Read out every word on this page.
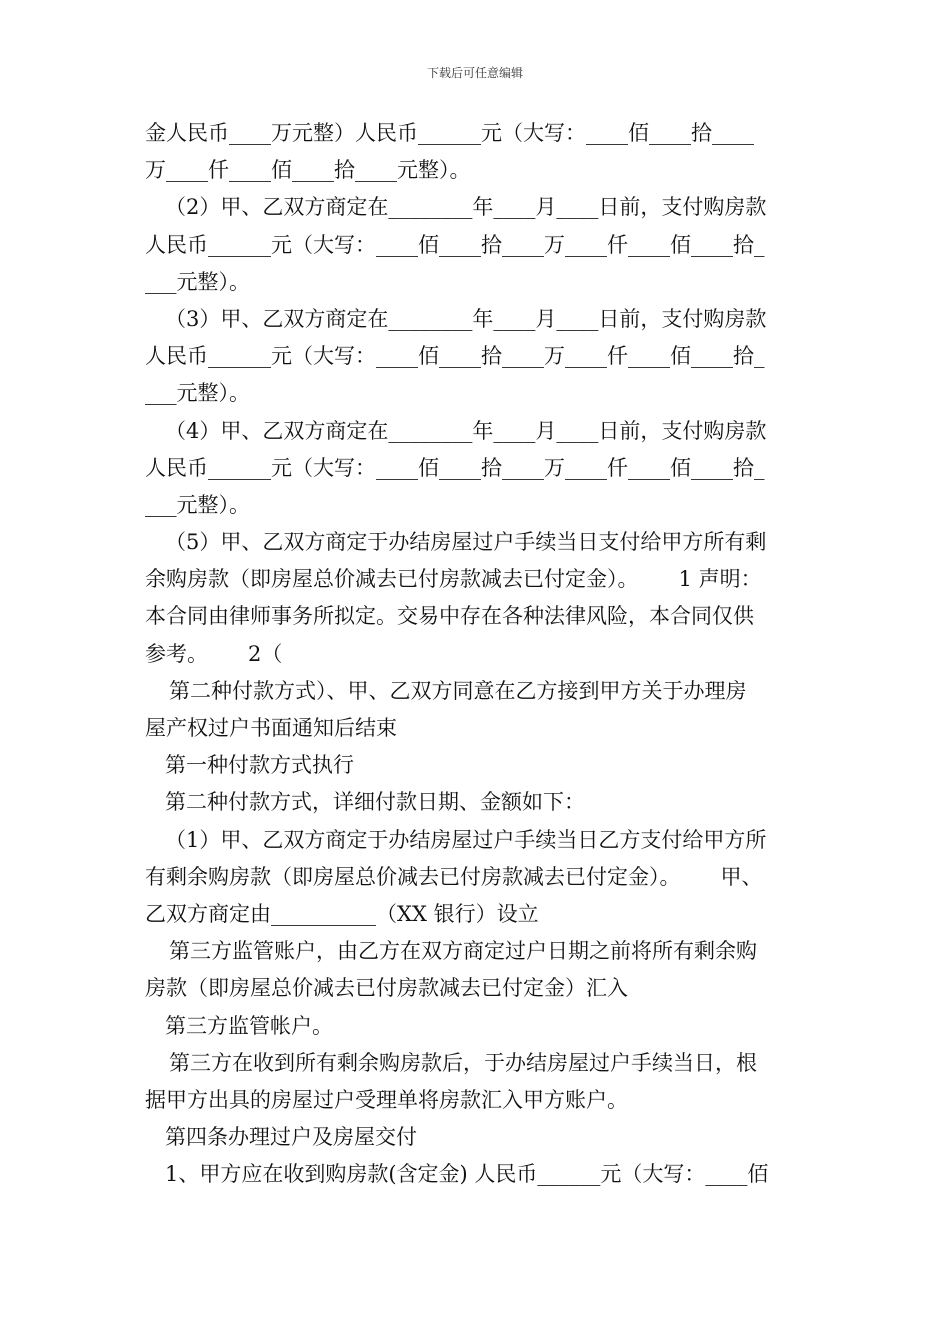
下载后可任意编辑
金人民币____万元整）人民币______元（大写：____佰____拾____
万____仟____佰____拾____元整）。
（2）甲、乙双方商定在________年____月____日前，支付购房款
人民币______元（大写：____佰____拾____万____仟____佰____拾_
___元整）。
（3）甲、乙双方商定在________年____月____日前，支付购房款
人民币______元（大写：____佰____拾____万____仟____佰____拾_
___元整）。
（4）甲、乙双方商定在________年____月____日前，支付购房款
人民币______元（大写：____佰____拾____万____仟____佰____拾_
___元整）。
（5）甲、乙双方商定于办结房屋过户手续当日支付给甲方所有剩
余购房款（即房屋总价减去已付房款减去已付定金）。      1 声明：
本合同由律师事务所拟定。交易中存在各种法律风险，本合同仅供
参考。      2（
第二种付款方式）、甲、乙双方同意在乙方接到甲方关于办理房
屋产权过户书面通知后结束
第一种付款方式执行
第二种付款方式，详细付款日期、金额如下：
（1）甲、乙双方商定于办结房屋过户手续当日乙方支付给甲方所
有剩余购房款（即房屋总价减去已付房款减去已付定金）。      甲、
乙双方商定由__________（XX 银行）设立
第三方监管账户，由乙方在双方商定过户日期之前将所有剩余购
房款（即房屋总价减去已付房款减去已付定金）汇入
第三方监管帐户。
第三方在收到所有剩余购房款后，于办结房屋过户手续当日，根
据甲方出具的房屋过户受理单将房款汇入甲方账户。
第四条办理过户及房屋交付
1、甲方应在收到购房款(含定金) 人民币______元（大写：____佰
